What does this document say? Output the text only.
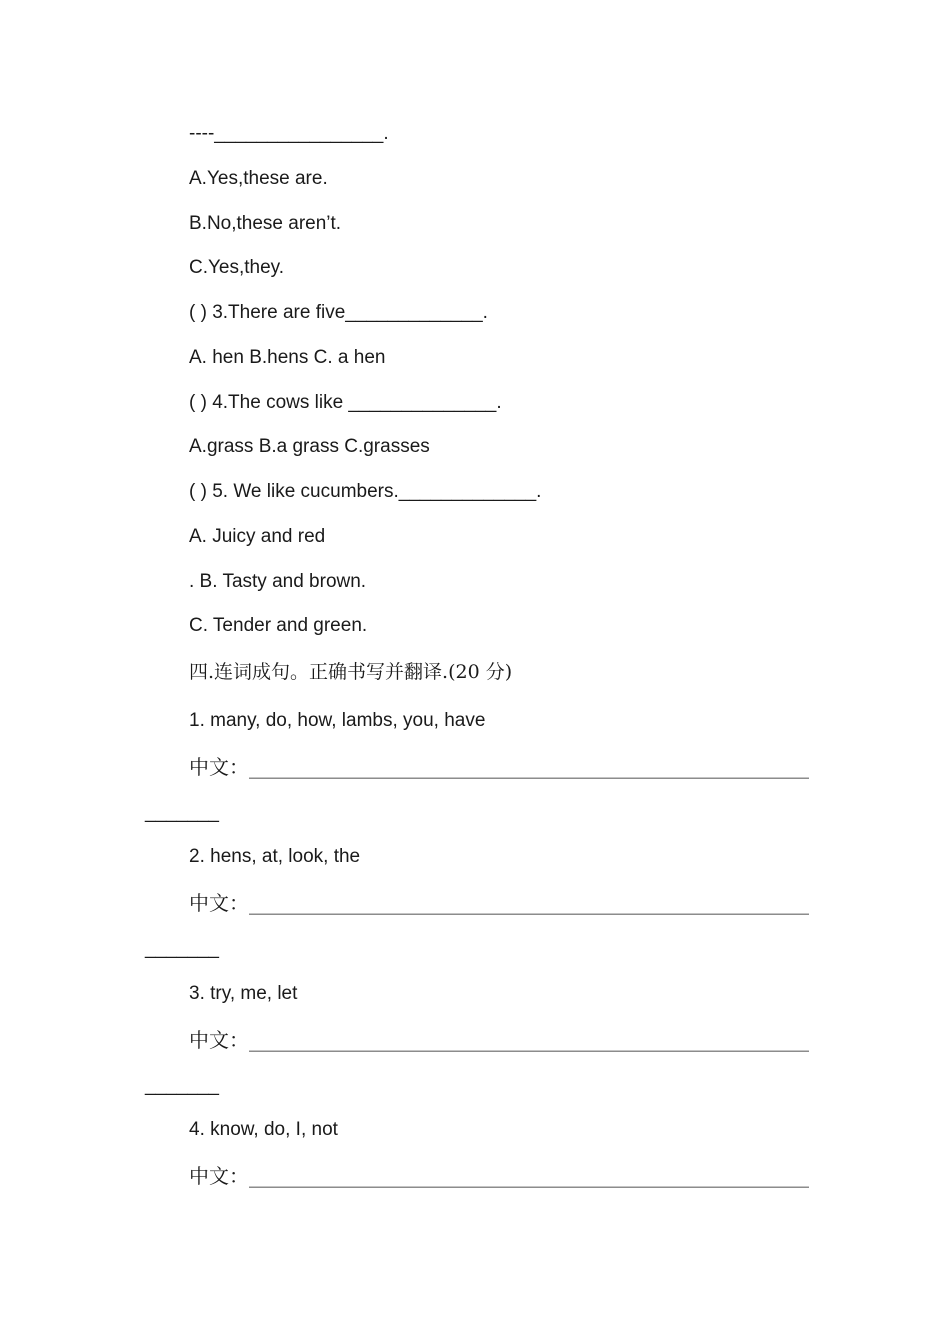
----________________.
A.Yes,these are.
B.No,these aren’t.
C.Yes,they.
( ) 3.There are five_____________.
A. hen B.hens C. a hen
( ) 4.The cows like ______________.
A.grass B.a grass C.grasses
( ) 5. We like cucumbers._____________.
A. Juicy and red
. B. Tasty and brown.
C. Tender and green.
四.连词成句。正确书写并翻译.(20 分)
1. many, do, how, lambs, you, have
中文：________________________________________________________
_______
2. hens, at, look, the
中文：________________________________________________________
_______
3. try, me, let
中文：________________________________________________________
_______
4. know, do, I, not
中文：________________________________________________________
